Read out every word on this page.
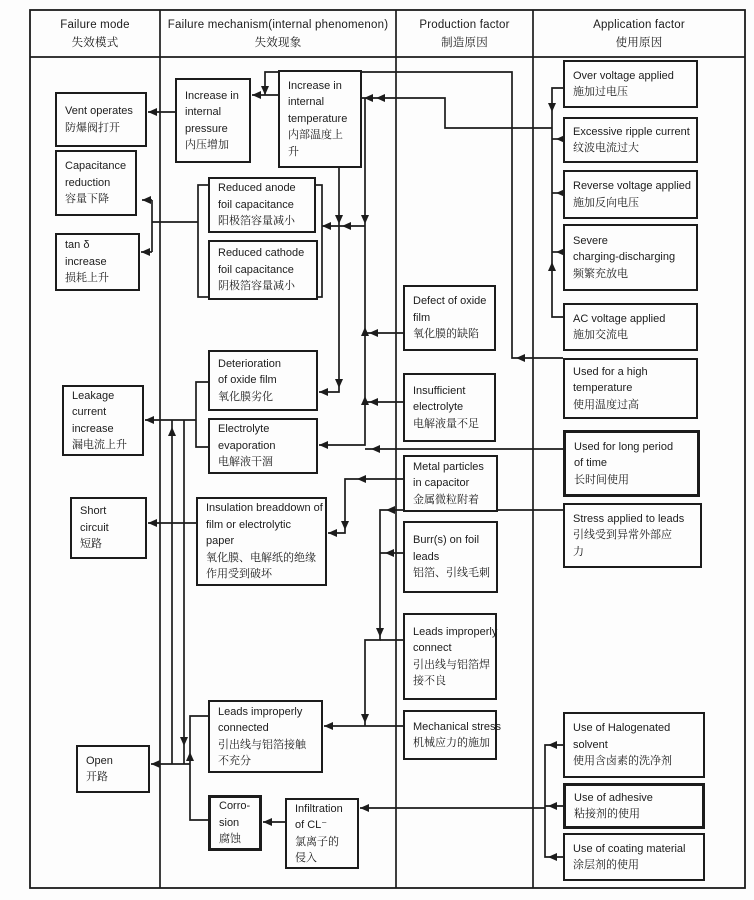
Failure mode
失效模式
Failure mechanism(internal phenomenon)
失效现象
Production factor
制造原因
Application factor
使用原因
Vent operates
防爆阀打开
Capacitance
reduction
容量下降
tan δ
increase
损耗上升
Leakage
current
increase
漏电流上升
Short
circuit
短路
Open
开路
Increase in
internal
pressure
内压增加
Increase in
internal
temperature
内部温度上
升
Reduced anode
foil capacitance
阳极箔容量减小
Reduced cathode
foil capacitance
阴极箔容量减小
Deterioration
of oxide film
氧化膜劣化
Electrolyte
evaporation
电解液干涸
Insulation breaddown of
film or electrolytic
paper
氧化膜、电解纸的绝缘
作用受到破坏
Leads improperly
connected
引出线与铝箔接触
不充分
Corro-
sion
腐蚀
Infiltration
of CL⁻
氯离子的
侵入
Defect of oxide
film
氧化膜的缺陷
Insufficient
electrolyte
电解液量不足
Metal particles
in capacitor
金属微粒附着
Burr(s) on foil
leads
铝箔、引线毛刺
Leads improperly
connect
引出线与铝箔焊
接不良
Mechanical stress
机械应力的施加
Over voltage applied
施加过电压
Excessive ripple current
纹波电流过大
Reverse voltage applied
施加反向电压
Severe
charging-discharging
频繁充放电
AC voltage applied
施加交流电
Used for a high
temperature
使用温度过高
Used for long period
of time
长时间使用
Stress applied to leads
引线受到异常外部应
力
Use of Halogenated
solvent
使用含卤素的洗净剂
Use of adhesive
粘接剂的使用
Use of coating material
涂层剂的使用
